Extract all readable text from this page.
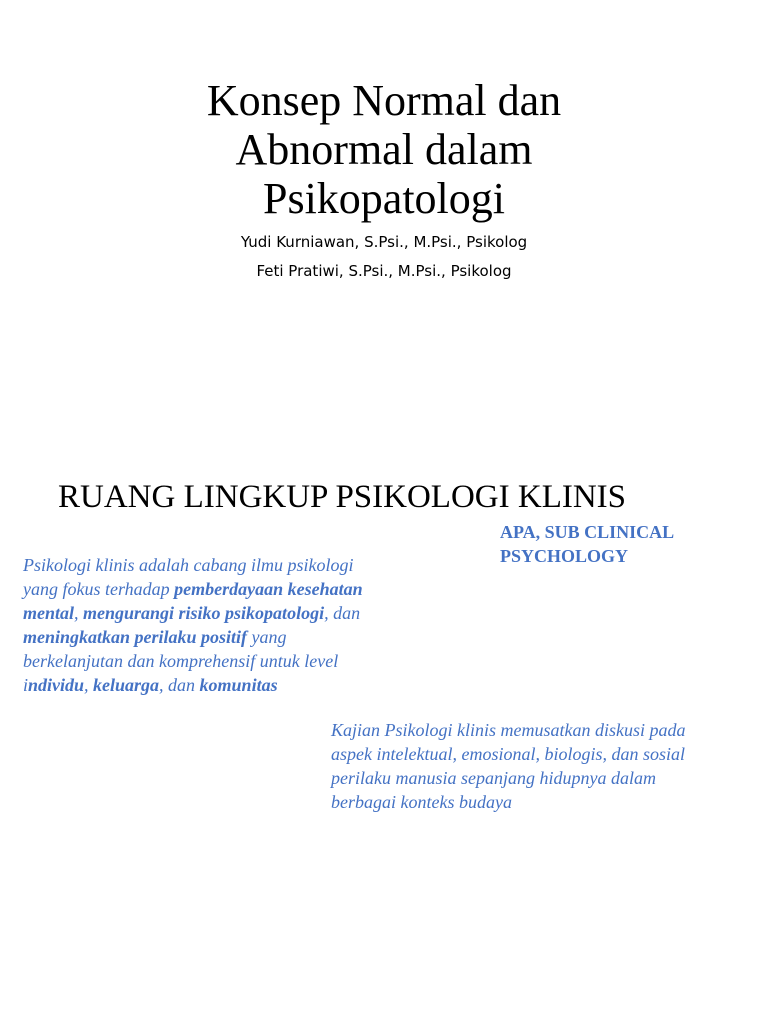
Konsep Normal dan
Abnormal dalam
Psikopatologi
Yudi Kurniawan, S.Psi., M.Psi., Psikolog
Feti Pratiwi, S.Psi., M.Psi., Psikolog
RUANG LINGKUP PSIKOLOGI KLINIS
APA, SUB CLINICAL
PSYCHOLOGY
Psikologi klinis adalah cabang ilmu psikologi
yang fokus terhadap pemberdayaan kesehatan
mental, mengurangi risiko psikopatologi, dan
meningkatkan perilaku positif yang
berkelanjutan dan komprehensif untuk level
individu, keluarga, dan komunitas
Kajian Psikologi klinis memusatkan diskusi pada
aspek intelektual, emosional, biologis, dan sosial
perilaku manusia sepanjang hidupnya dalam
berbagai konteks budaya
